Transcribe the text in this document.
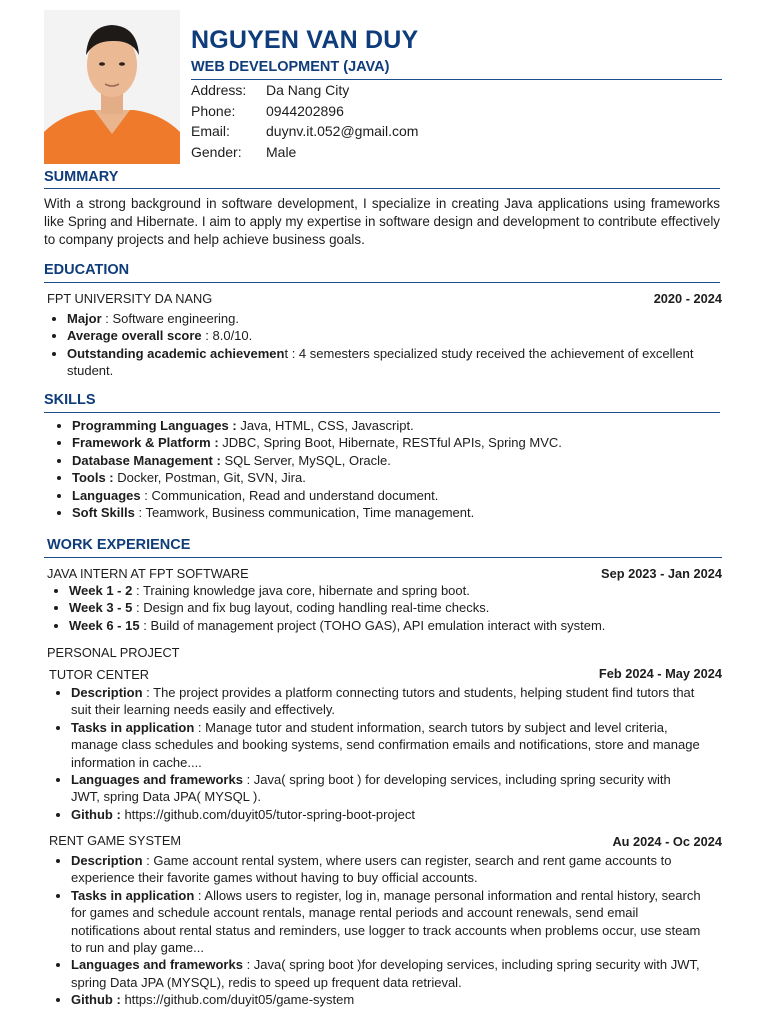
NGUYEN VAN DUY
WEB DEVELOPMENT (JAVA)
Address:	Da Nang City
Phone:	0944202896
Email:	duynv.it.052@gmail.com
Gender:	Male
SUMMARY
With a strong background in software development, I specialize in creating Java applications using frameworks like Spring and Hibernate. I aim to apply my expertise in software design and development to contribute effectively to company projects and help achieve business goals.
EDUCATION
FPT UNIVERSITY DA NANG	2020 - 2024
• Major : Software engineering.
• Average overall score : 8.0/10.
• Outstanding academic achievement : 4 semesters specialized study received the achievement of excellent student.
SKILLS
• Programming Languages : Java, HTML, CSS, Javascript.
• Framework & Platform : JDBC, Spring Boot, Hibernate, RESTful APIs, Spring MVC.
• Database Management : SQL Server, MySQL, Oracle.
• Tools : Docker, Postman, Git, SVN, Jira.
• Languages : Communication, Read and understand document.
• Soft Skills : Teamwork, Business communication, Time management.
WORK EXPERIENCE
JAVA INTERN AT FPT SOFTWARE	Sep 2023 - Jan 2024
• Week 1 - 2 : Training knowledge java core, hibernate and spring boot.
• Week 3 - 5 : Design and fix bug layout, coding handling real-time checks.
• Week 6 - 15 : Build of management project (TOHO GAS), API emulation interact with system.
PERSONAL PROJECT
TUTOR CENTER	Feb 2024 - May 2024
• Description : The project provides a platform connecting tutors and students, helping student find tutors that suit their learning needs easily and effectively.
• Tasks in application : Manage tutor and student information, search tutors by subject and level criteria, manage class schedules and booking systems, send confirmation emails and notifications, store and manage information in cache....
• Languages and frameworks : Java( spring boot ) for developing services, including spring security with JWT, spring Data JPA( MYSQL ).
• Github : https://github.com/duyit05/tutor-spring-boot-project
RENT GAME SYSTEM	Au 2024 - Oc 2024
• Description : Game account rental system, where users can register, search and rent game accounts to experience their favorite games without having to buy official accounts.
• Tasks in application : Allows users to register, log in, manage personal information and rental history, search for games and schedule account rentals, manage rental periods and account renewals, send email notifications about rental status and reminders, use logger to track accounts when problems occur, use steam to run and play game...
• Languages and frameworks : Java( spring boot )for developing services, including spring security with JWT, spring Data JPA (MYSQL), redis to speed up frequent data retrieval.
• Github : https://github.com/duyit05/game-system
